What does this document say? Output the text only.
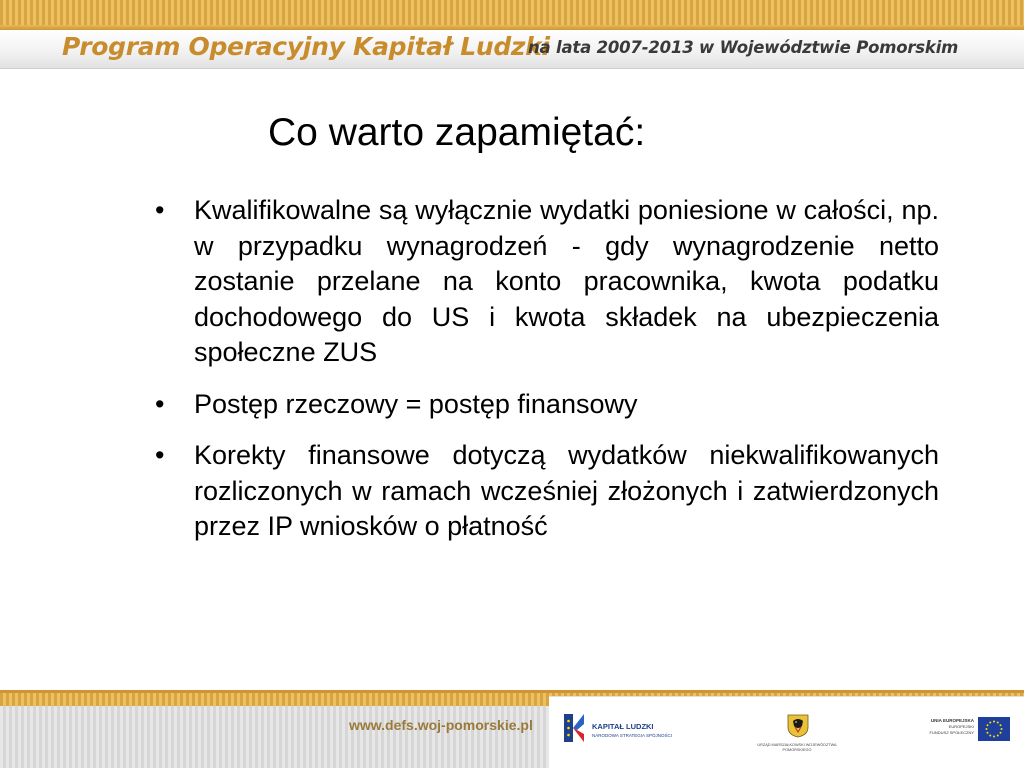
Program Operacyjny Kapitał Ludzki
na lata 2007-2013 w Województwie Pomorskim
Co warto zapamiętać:
• Kwalifikowalne są wyłącznie wydatki poniesione w całości, np. w przypadku wynagrodzeń - gdy wynagrodzenie netto zostanie przelane na konto pracownika, kwota podatku dochodowego do US i kwota składek na ubezpieczenia społeczne ZUS
• Postęp rzeczowy = postęp finansowy
• Korekty finansowe dotyczą wydatków niekwalifikowanych rozliczonych w ramach wcześniej złożonych i zatwierdzonych przez IP wniosków o płatność
www.defs.woj-pomorskie.pl	KAPITAŁ LUDZKI
NARODOWA STRATEGIA SPÓJNOŚCI
URZĄD MARSZAŁKOWSKI WOJEWÓDZTWA POMORSKIEGO
UNIA EUROPEJSKA
EUROPEJSKI
FUNDUSZ SPOŁECZNY
